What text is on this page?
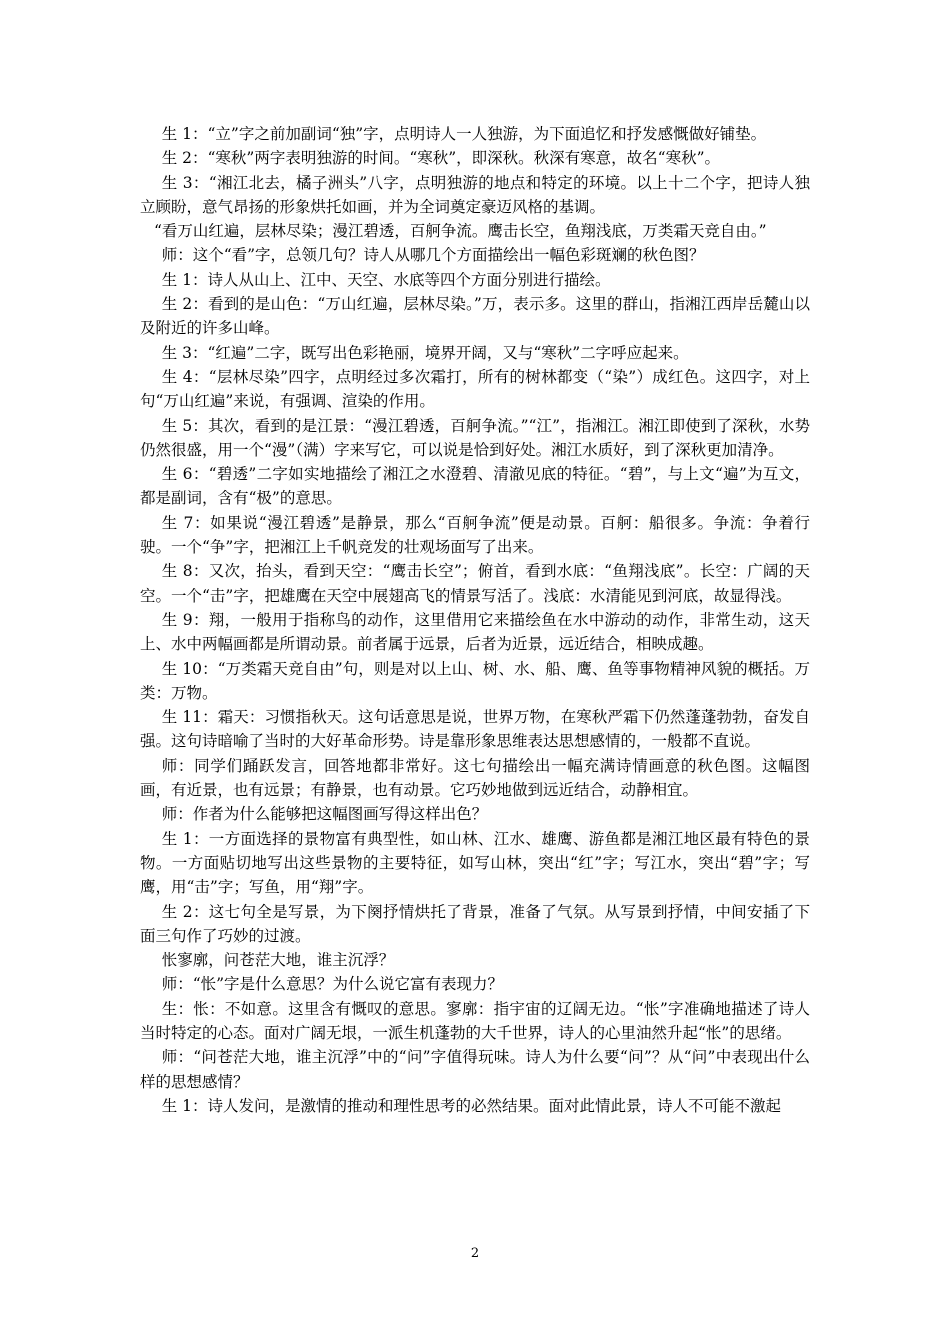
生 1：“立”字之前加副词“独”字，点明诗人一人独游，为下面追忆和抒发感慨做好铺垫。

生 2：“寒秋”两字表明独游的时间。“寒秋”，即深秋。秋深有寒意，故名“寒秋”。

生 3：“湘江北去，橘子洲头”八字，点明独游的地点和特定的环境。以上十二个字，把诗人独立顾盼，意气昂扬的形象烘托如画，并为全词奠定豪迈风格的基调。

“看万山红遍，层林尽染；漫江碧透，百舸争流。鹰击长空，鱼翔浅底，万类霜天竞自由。”

师：这个“看”字，总领几句？诗人从哪几个方面描绘出一幅色彩斑斓的秋色图？

生 1：诗人从山上、江中、天空、水底等四个方面分别进行描绘。

生 2：看到的是山色：“万山红遍，层林尽染。”万，表示多。这里的群山，指湘江西岸岳麓山以及附近的许多山峰。

生 3：“红遍”二字，既写出色彩艳丽，境界开阔，又与“寒秋”二字呼应起来。

生 4：“层林尽染”四字，点明经过多次霜打，所有的树林都变（“染”）成红色。这四字，对上句“万山红遍”来说，有强调、渲染的作用。

生 5：其次，看到的是江景：“漫江碧透，百舸争流。”“江”，指湘江。湘江即使到了深秋，水势仍然很盛，用一个“漫”（满）字来写它，可以说是恰到好处。湘江水质好，到了深秋更加清净。

生 6：“碧透”二字如实地描绘了湘江之水澄碧、清澈见底的特征。“碧”，与上文“遍”为互文，都是副词，含有“极”的意思。

生 7：如果说“漫江碧透”是静景，那么“百舸争流”便是动景。百舸：船很多。争流：争着行驶。一个“争”字，把湘江上千帆竞发的壮观场面写了出来。

生 8：又次，抬头，看到天空：“鹰击长空”；俯首，看到水底：“鱼翔浅底”。长空：广阔的天空。一个“击”字，把雄鹰在天空中展翅高飞的情景写活了。浅底：水清能见到河底，故显得浅。

生 9：翔，一般用于指称鸟的动作，这里借用它来描绘鱼在水中游动的动作，非常生动，这天上、水中两幅画都是所谓动景。前者属于远景，后者为近景，远近结合，相映成趣。

生 10：“万类霜天竞自由”句，则是对以上山、树、水、船、鹰、鱼等事物精神风貌的概括。万类：万物。

生 11：霜天：习惯指秋天。这句话意思是说，世界万物，在寒秋严霜下仍然蓬蓬勃勃，奋发自强。这句诗暗喻了当时的大好革命形势。诗是靠形象思维表达思想感情的，一般都不直说。

师：同学们踊跃发言，回答地都非常好。这七句描绘出一幅充满诗情画意的秋色图。这幅图画，有近景，也有远景；有静景，也有动景。它巧妙地做到远近结合，动静相宜。

师：作者为什么能够把这幅图画写得这样出色？

生 1：一方面选择的景物富有典型性，如山林、江水、雄鹰、游鱼都是湘江地区最有特色的景物。一方面贴切地写出这些景物的主要特征，如写山林，突出“红”字；写江水，突出“碧”字；写鹰，用“击”字；写鱼，用“翔”字。

生 2：这七句全是写景，为下阕抒情烘托了背景，准备了气氛。从写景到抒情，中间安插了下面三句作了巧妙的过渡。

怅寥廓，问苍茫大地，谁主沉浮？

师：“怅”字是什么意思？为什么说它富有表现力？

生：怅：不如意。这里含有慨叹的意思。寥廓：指宇宙的辽阔无边。“怅”字准确地描述了诗人当时特定的心态。面对广阔无垠，一派生机蓬勃的大千世界，诗人的心里油然升起“怅”的思绪。

师：“问苍茫大地，谁主沉浮”中的“问”字值得玩味。诗人为什么要“问”？从“问”中表现出什么样的思想感情？

生 1：诗人发问，是激情的推动和理性思考的必然结果。面对此情此景，诗人不可能不激起

2
